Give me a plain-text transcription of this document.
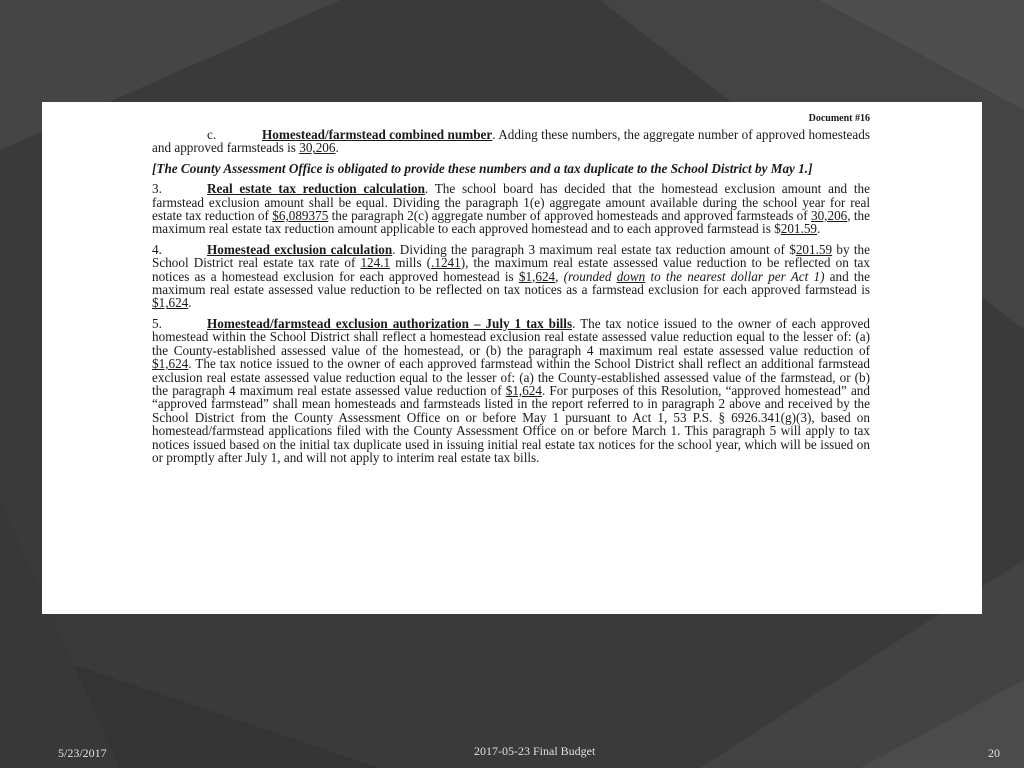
Document #16

c.	Homestead/farmstead combined number. Adding these numbers, the aggregate number of approved homesteads and approved farmsteads is 30,206.

[The County Assessment Office is obligated to provide these numbers and a tax duplicate to the School District by May 1.]

3.	Real estate tax reduction calculation. The school board has decided that the homestead exclusion amount and the farmstead exclusion amount shall be equal. Dividing the paragraph 1(e) aggregate amount available during the school year for real estate tax reduction of $6,089375 the paragraph 2(c) aggregate number of approved homesteads and approved farmsteads of 30,206, the maximum real estate tax reduction amount applicable to each approved homestead and to each approved farmstead is $201.59.

4.	Homestead exclusion calculation. Dividing the paragraph 3 maximum real estate tax reduction amount of $201.59 by the School District real estate tax rate of 124.1 mills (.1241), the maximum real estate assessed value reduction to be reflected on tax notices as a homestead exclusion for each approved homestead is $1,624, (rounded down to the nearest dollar per Act 1) and the maximum real estate assessed value reduction to be reflected on tax notices as a farmstead exclusion for each approved farmstead is $1,624.

5.	Homestead/farmstead exclusion authorization – July 1 tax bills. The tax notice issued to the owner of each approved homestead within the School District shall reflect a homestead exclusion real estate assessed value reduction equal to the lesser of: (a) the County-established assessed value of the homestead, or (b) the paragraph 4 maximum real estate assessed value reduction of $1,624. The tax notice issued to the owner of each approved farmstead within the School District shall reflect an additional farmstead exclusion real estate assessed value reduction equal to the lesser of: (a) the County-established assessed value of the farmstead, or (b) the paragraph 4 maximum real estate assessed value reduction of $1,624. For purposes of this Resolution, “approved homestead” and “approved farmstead” shall mean homesteads and farmsteads listed in the report referred to in paragraph 2 above and received by the School District from the County Assessment Office on or before May 1 pursuant to Act 1, 53 P.S. § 6926.341(g)(3), based on homestead/farmstead applications filed with the County Assessment Office on or before March 1. This paragraph 5 will apply to tax notices issued based on the initial tax duplicate used in issuing initial real estate tax notices for the school year, which will be issued on or promptly after July 1, and will not apply to interim real estate tax bills.

5/23/2017	2017-05-23 Final Budget	20
